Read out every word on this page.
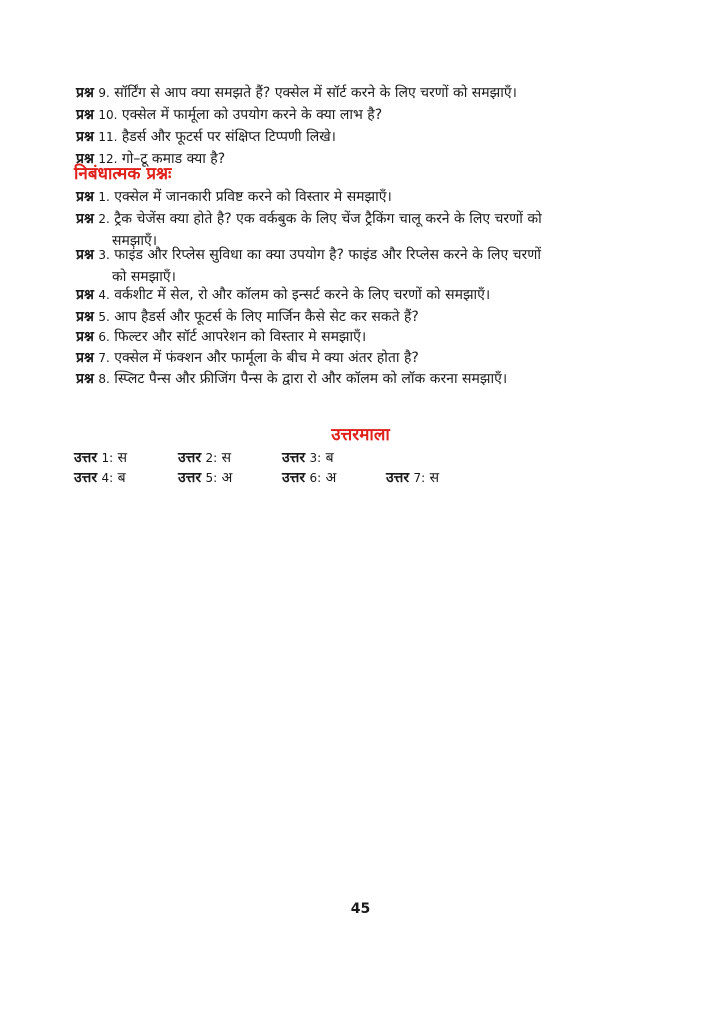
प्रश्न 9. सॉर्टिंग से आप क्या समझते हैं? एक्सेल में सॉर्ट करने के लिए चरणों को समझाएँ।
प्रश्न 10. एक्सेल में फार्मूला को उपयोग करने के क्या लाभ है?
प्रश्न 11. हैडर्स और फूटर्स पर संक्षिप्त टिप्पणी लिखे।
प्रश्न 12. गो–टू कमाड क्या है?
निबंधात्मक प्रश्नः
प्रश्न 1. एक्सेल में जानकारी प्रविष्ट करने को विस्तार मे समझाएँ।
प्रश्न 2. ट्रैक चेजेंस क्या होते है? एक वर्कबुक के लिए चेंज ट्रैकिंग चालू करने के लिए चरणों को
समझाएँ।
प्रश्न 3. फाइंड और रिप्लेस सुविधा का क्या उपयोग है? फाइंड और रिप्लेस करने के लिए चरणों
को समझाएँ।
प्रश्न 4. वर्कशीट में सेल, रो और कॉलम को इन्सर्ट करने के लिए चरणों को समझाएँ।
प्रश्न 5. आप हैडर्स और फूटर्स के लिए मार्जिन कैसे सेट कर सकते हैं?
प्रश्न 6. फिल्टर और सॉर्ट आपरेशन को विस्तार मे समझाएँ।
प्रश्न 7. एक्सेल में फंक्शन और फार्मूला के बीच मे क्या अंतर होता है?
प्रश्न 8. स्प्लिट पैन्स और फ्रीजिंग पैन्स के द्वारा रो और कॉलम को लॉक करना समझाएँ।
उत्तरमाला
उत्तर 1: स	उत्तर 2: स	उत्तर 3: ब
उत्तर 4: ब	उत्तर 5: अ	उत्तर 6: अ	उत्तर 7: स
45
